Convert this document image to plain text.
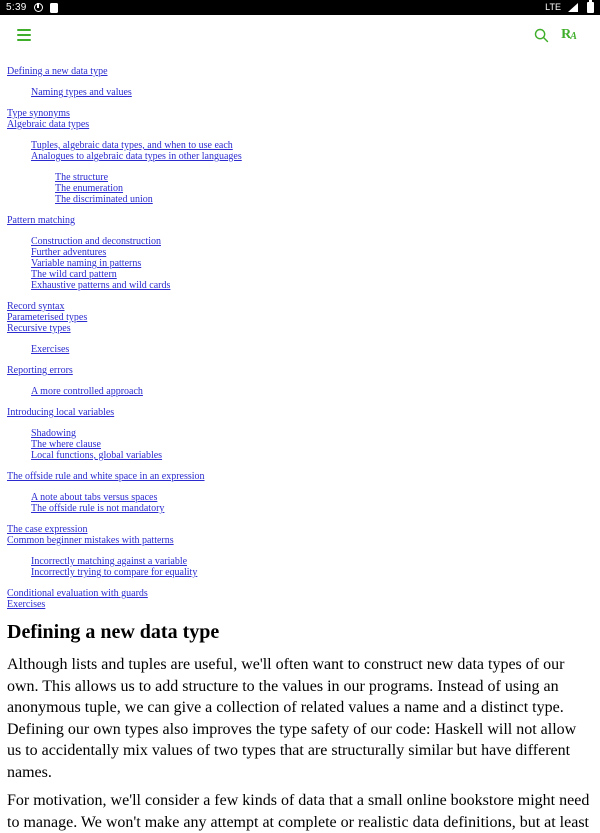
5:39	LTE
R A

Defining a new data type

Naming types and values

Type synonyms
Algebraic data types

Tuples, algebraic data types, and when to use each
Analogues to algebraic data types in other languages

The structure
The enumeration
The discriminated union

Pattern matching

Construction and deconstruction
Further adventures
Variable naming in patterns
The wild card pattern
Exhaustive patterns and wild cards

Record syntax
Parameterised types
Recursive types

Exercises

Reporting errors

A more controlled approach

Introducing local variables

Shadowing
The where clause
Local functions, global variables

The offside rule and white space in an expression

A note about tabs versus spaces
The offside rule is not mandatory

The case expression
Common beginner mistakes with patterns

Incorrectly matching against a variable
Incorrectly trying to compare for equality

Conditional evaluation with guards
Exercises

Defining a new data type

Although lists and tuples are useful, we'll often want to construct new data types of our own. This allows us to add structure to the values in our programs. Instead of using an anonymous tuple, we can give a collection of related values a name and a distinct type. Defining our own types also improves the type safety of our code: Haskell will not allow us to accidentally mix values of two types that are structurally similar but have different names.

For motivation, we'll consider a few kinds of data that a small online bookstore might need to manage. We won't make any attempt at complete or realistic data definitions, but at least
